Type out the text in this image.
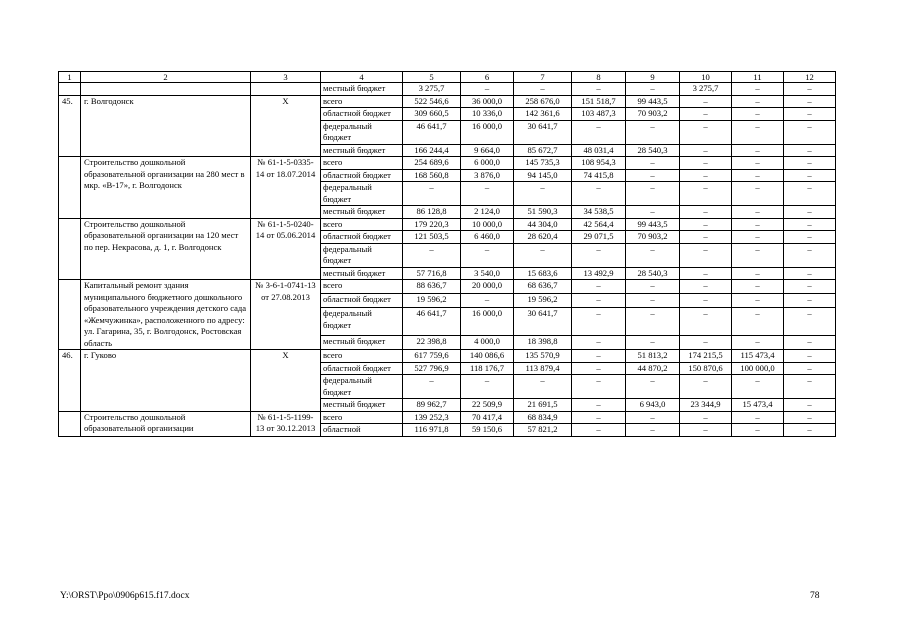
1	2	3	4	5	6	7	8	9	10	11	12
			местный бюджет	3 275,7	–	–	–	–	3 275,7	–	–
45.	г. Волгодонск	Х	всего	522 546,6	36 000,0	258 676,0	151 518,7	99 443,5	–	–	–
			областной бюджет	309 660,5	10 336,0	142 361,6	103 487,3	70 903,2	–	–	–
			федеральный бюджет	46 641,7	16 000,0	30 641,7	–	–	–	–	–
			местный бюджет	166 244,4	9 664,0	85 672,7	48 031,4	28 540,3	–	–	–
	Строительство дошкольной образовательной организации на 280 мест в мкр. «В-17», г. Волгодонск	№ 61-1-5-0335-14 от 18.07.2014	всего	254 689,6	6 000,0	145 735,3	108 954,3	–	–	–	–
			областной бюджет	168 560,8	3 876,0	94 145,0	74 415,8	–	–	–	–
			федеральный бюджет	–	–	–	–	–	–	–	–
			местный бюджет	86 128,8	2 124,0	51 590,3	34 538,5	–	–	–	–
	Строительство дошкольной образовательной организации на 120 мест по пер. Некрасова, д. 1, г. Волгодонск	№ 61-1-5-0240-14 от 05.06.2014	всего	179 220,3	10 000,0	44 304,0	42 564,4	99 443,5	–	–	–
			областной бюджет	121 503,5	6 460,0	28 620,4	29 071,5	70 903,2	–	–	–
			федеральный бюджет	–	–	–	–	–	–	–	–
			местный бюджет	57 716,8	3 540,0	15 683,6	13 492,9	28 540,3	–	–	–
	Капитальный ремонт здания муниципального бюджетного дошкольного образовательного учреждения детского сада «Жемчужинка», расположенного по адресу: ул. Гагарина, 35, г. Волгодонск, Ростовская область	№ 3-6-1-0741-13 от 27.08.2013	всего	88 636,7	20 000,0	68 636,7	–	–	–	–	–
			областной бюджет	19 596,2	–	19 596,2	–	–	–	–	–
			федеральный бюджет	46 641,7	16 000,0	30 641,7	–	–	–	–	–
			местный бюджет	22 398,8	4 000,0	18 398,8	–	–	–	–	–
46.	г. Гуково	Х	всего	617 759,6	140 086,6	135 570,9	–	51 813,2	174 215,5	115 473,4	–
			областной бюджет	527 796,9	118 176,7	113 879,4	–	44 870,2	150 870,6	100 000,0	–
			федеральный бюджет	–	–	–	–	–	–	–	–
			местный бюджет	89 962,7	22 509,9	21 691,5	–	6 943,0	23 344,9	15 473,4	–
	Строительство дошкольной образовательной организации	№ 61-1-5-1199-13 от 30.12.2013	всего	139 252,3	70 417,4	68 834,9	–	–	–	–	–
			областной	116 971,8	59 150,6	57 821,2	–	–	–	–	–
Y:\ORST\Ppo\0906p615.f17.docx	78
